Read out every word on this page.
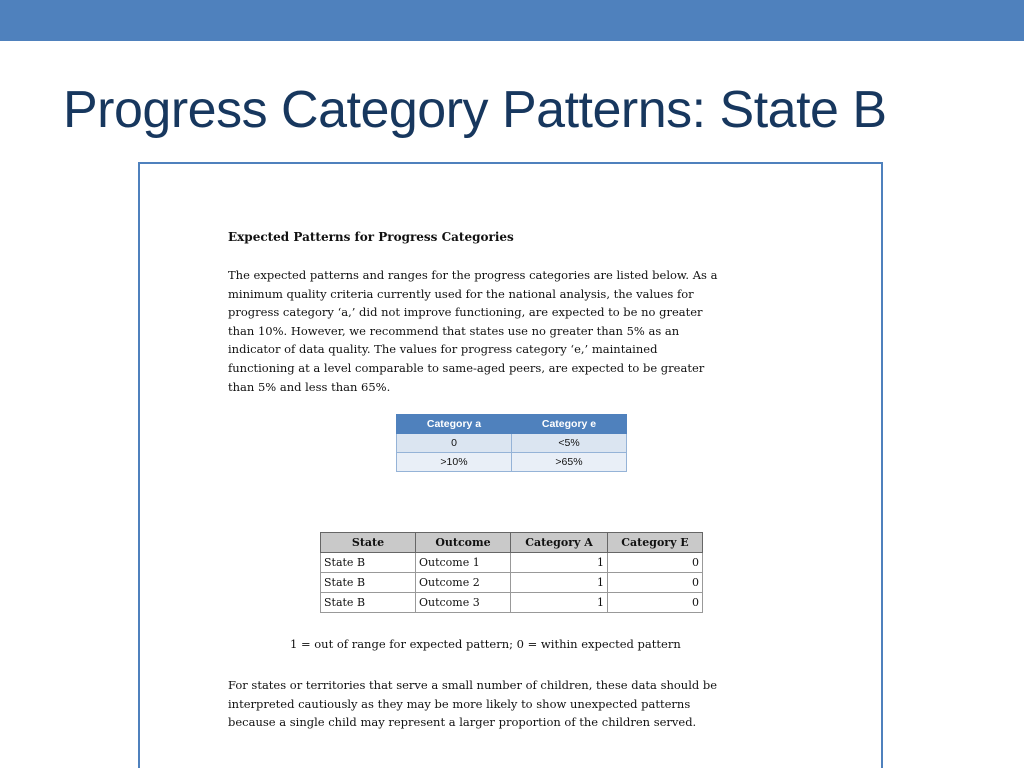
Progress Category Patterns: State B
Expected Patterns for Progress Categories
The expected patterns and ranges for the progress categories are listed below. As a
minimum quality criteria currently used for the national analysis, the values for
progress category ‘a,’ did not improve functioning, are expected to be no greater
than 10%. However, we recommend that states use no greater than 5% as an
indicator of data quality. The values for progress category ‘e,’ maintained
functioning at a level comparable to same-aged peers, are expected to be greater
than 5% and less than 65%.
Category a	Category e
0	<5%
>10%	>65%
State	Outcome	Category A	Category E
State B	Outcome 1	1	0
State B	Outcome 2	1	0
State B	Outcome 3	1	0
1 = out of range for expected pattern; 0 = within expected pattern
For states or territories that serve a small number of children, these data should be
interpreted cautiously as they may be more likely to show unexpected patterns
because a single child may represent a larger proportion of the children served.
